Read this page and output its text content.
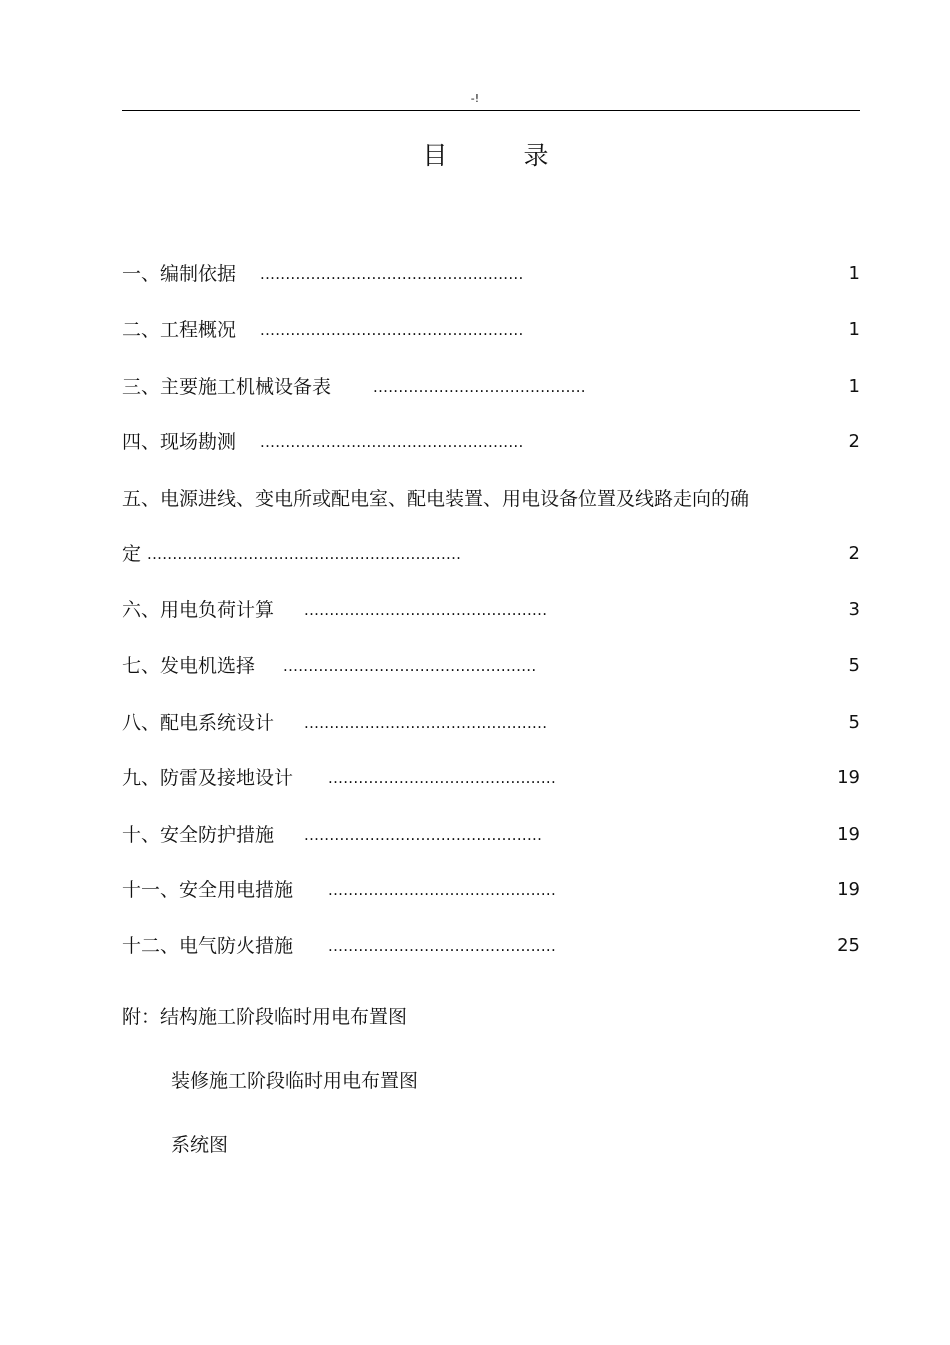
-!
目 录
一、编制依据 ....................................................	1
二、工程概况 ....................................................	1
三、主要施工机械设备表	..........................................	1
四、现场勘测 ....................................................	2
五、电源进线、变电所或配电室、配电装置、用电设备位置及线路走向的确
定 ..............................................................	2
六、用电负荷计算 ................................................	3
七、发电机选择 ..................................................	5
八、配电系统设计 ................................................	5
九、防雷及接地设计 .............................................	19
十、安全防护措施 ...............................................	19
十一、安全用电措施 .............................................	19
十二、电气防火措施 .............................................	25
附：结构施工阶段临时用电布置图
装修施工阶段临时用电布置图
系统图
